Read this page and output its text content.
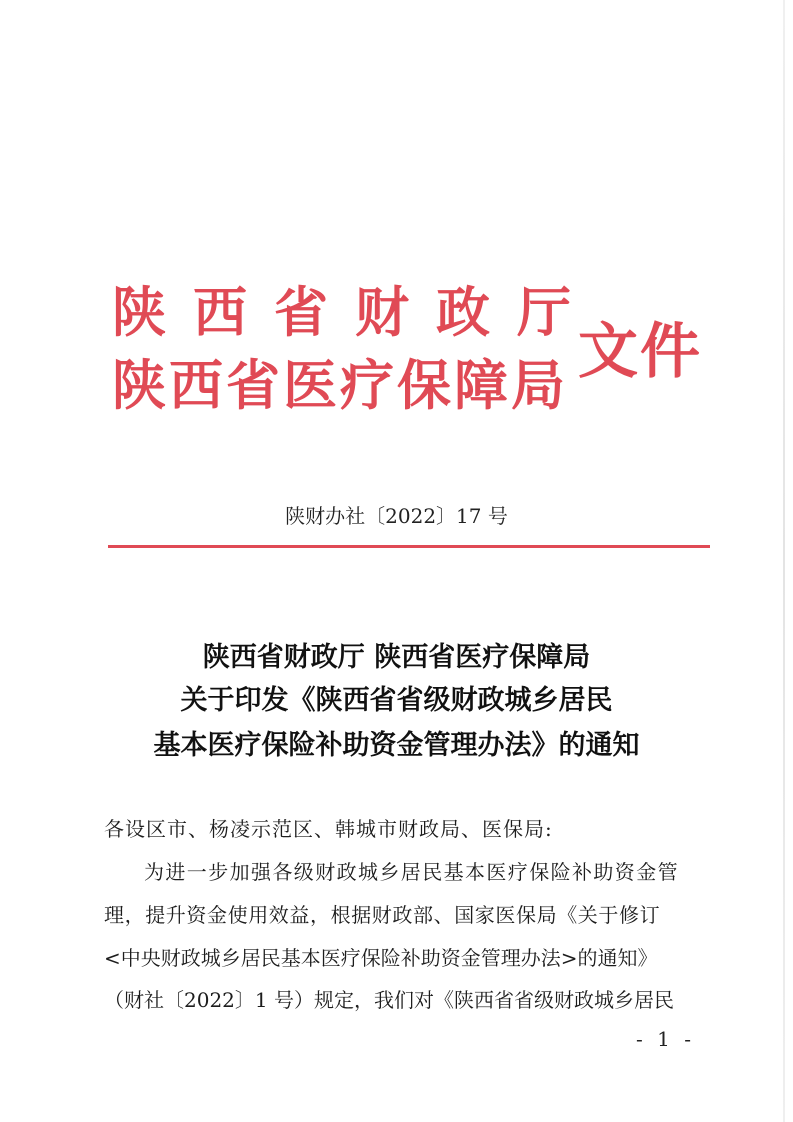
陕西省财政厅
陕西省医疗保障局 文件
陕财办社〔2022〕17 号
陕西省财政厅 陕西省医疗保障局
关于印发《陕西省省级财政城乡居民
基本医疗保险补助资金管理办法》的通知
各设区市、杨凌示范区、韩城市财政局、医保局:
为进一步加强各级财政城乡居民基本医疗保险补助资金管
理，提升资金使用效益，根据财政部、国家医保局《关于修订
<中央财政城乡居民基本医疗保险补助资金管理办法>的通知》
（财社〔2022〕1 号）规定，我们对《陕西省省级财政城乡居民
- 1 -
